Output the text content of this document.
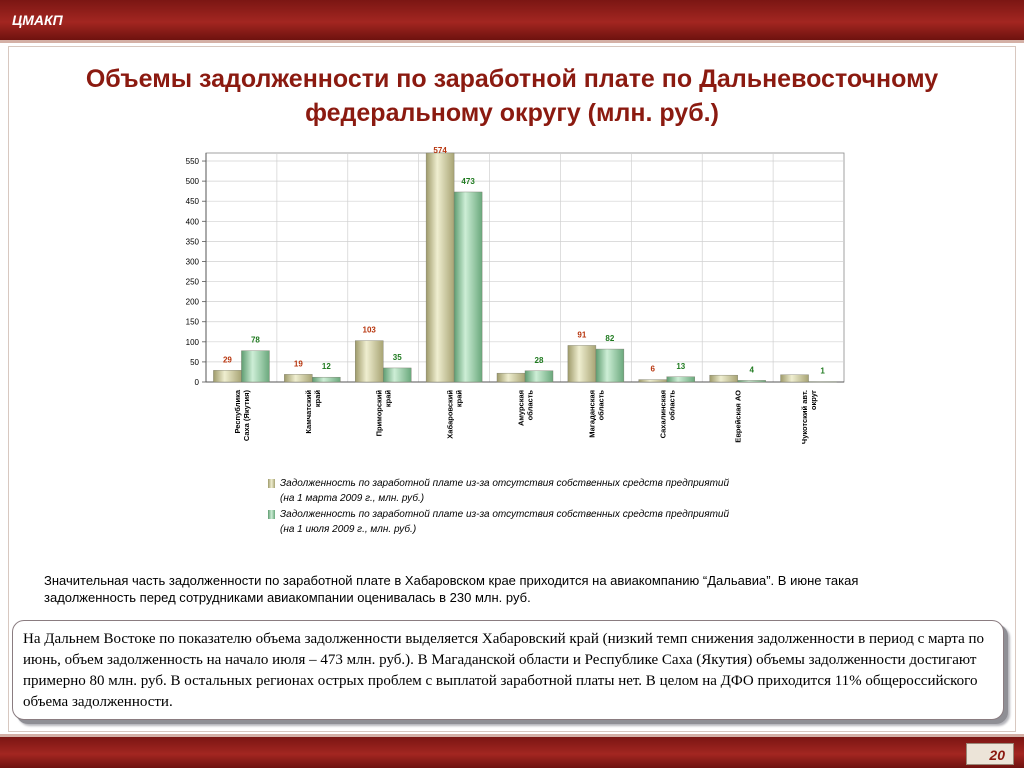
ЦМАКП
Объемы задолженности по заработной плате по Дальневосточному федеральному округу (млн. руб.)
0
50
100
150
200
250
300
350
400
450
500
550
29
78
РеспубликаСаха (Якутия)
19 12
Камчатскийкрай
103
35
Приморскийкрай
574
473
Хабаровскийкрай
28
Амурскаяобласть
91 82
Магаданскаяобласть
6	13
Сахалинскаяобласть
4
Еврейская АО
1
Чукотский авт.округ
Задолженность по заработной плате из-за отсутствия собственных средств предприятий
(на 1 марта 2009 г., млн. руб.)
Задолженность по заработной плате из-за отсутствия собственных средств предприятий
(на 1 июля 2009 г., млн. руб.)
Значительная часть задолженности по заработной плате в Хабаровском крае приходится на авиакомпанию “Дальавиа”. В июне такая задолженность перед сотрудниками авиакомпании оценивалась в 230 млн. руб.
На Дальнем Востоке по показателю объема задолженности выделяется Хабаровский край (низкий темп снижения задолженности в период с марта по июнь, объем задолженность на начало июля – 473 млн. руб.). В Магаданской области и Республике Саха (Якутия) объемы задолженности достигают примерно 80 млн. руб. В остальных регионах острых проблем с выплатой заработной платы нет. В целом на ДФО приходится 11% общероссийского объема задолженности.
20
